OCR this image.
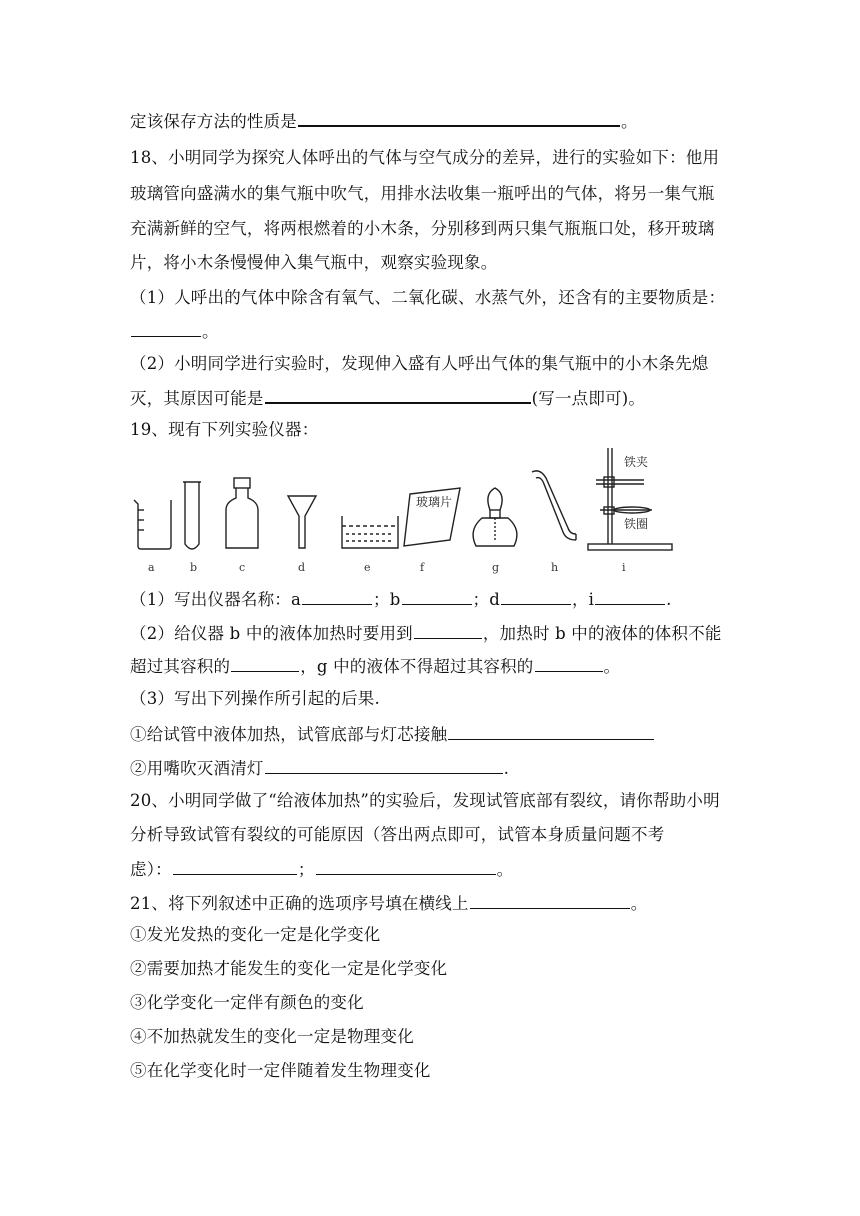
定该保存方法的性质是	。
18、小明同学为探究人体呼出的气体与空气成分的差异，进行的实验如下：他用
玻璃管向盛满水的集气瓶中吹气，用排水法收集一瓶呼出的气体，将另一集气瓶
充满新鲜的空气，将两根燃着的小木条，分别移到两只集气瓶瓶口处，移开玻璃
片，将小木条慢慢伸入集气瓶中，观察实验现象。
（1）人呼出的气体中除含有氧气、二氧化碳、水蒸气外，还含有的主要物质是：
。
（2）小明同学进行实验时，发现伸入盛有人呼出气体的集气瓶中的小木条先熄
灭，其原因可能是	(写一点即可)。
19、现有下列实验仪器：
玻璃片
铁夹
铁圈
a	b	c	d	e	f	g	h	i
（1）写出仪器名称：a	；b	；d	，i	.
（2）给仪器 b 中的液体加热时要用到	，加热时 b 中的液体的体积不能
超过其容积的	，g 中的液体不得超过其容积的	。
（3）写出下列操作所引起的后果.
①给试管中液体加热，试管底部与灯芯接触
②用嘴吹灭酒清灯	.
20、小明同学做了“给液体加热”的实验后，发现试管底部有裂纹，请你帮助小明
分析导致试管有裂纹的可能原因（答出两点即可，试管本身质量问题不考
虑）：	；	。
21、将下列叙述中正确的选项序号填在横线上	。
①发光发热的变化一定是化学变化
②需要加热才能发生的变化一定是化学变化
③化学变化一定伴有颜色的变化
④不加热就发生的变化一定是物理变化
⑤在化学变化时一定伴随着发生物理变化
